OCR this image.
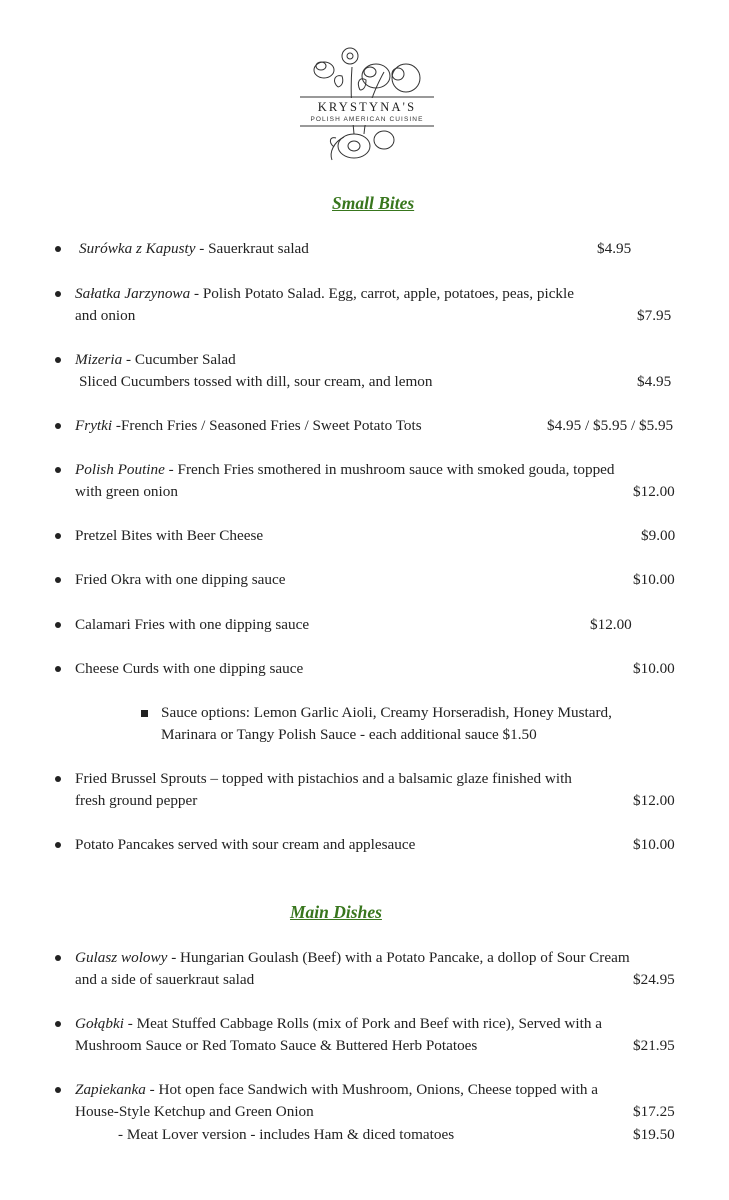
KRYSTYNA'S
POLISH AMERICAN CUISINE
Small Bites
Surówka z Kapusty - Sauerkraut salad	$4.95
Sałatka Jarzynowa - Polish Potato Salad. Egg, carrot, apple, potatoes, peas, pickle
and onion	$7.95
Mizeria - Cucumber Salad
Sliced Cucumbers tossed with dill, sour cream, and lemon	$4.95
Frytki -French Fries / Seasoned Fries / Sweet Potato Tots	$4.95 / $5.95 / $5.95
Polish Poutine - French Fries smothered in mushroom sauce with smoked gouda, topped
with green onion	$12.00
Pretzel Bites with Beer Cheese	$9.00
Fried Okra with one dipping sauce	$10.00
Calamari Fries with one dipping sauce	$12.00
Cheese Curds with one dipping sauce	$10.00
Sauce options: Lemon Garlic Aioli, Creamy Horseradish, Honey Mustard,
Marinara or Tangy Polish Sauce - each additional sauce $1.50
Fried Brussel Sprouts – topped with pistachios and a balsamic glaze finished with
fresh ground pepper	$12.00
Potato Pancakes served with sour cream and applesauce	$10.00
Main Dishes
Gulasz wolowy - Hungarian Goulash (Beef) with a Potato Pancake, a dollop of Sour Cream
and a side of sauerkraut salad	$24.95
Gołąbki - Meat Stuffed Cabbage Rolls (mix of Pork and Beef with rice), Served with a
Mushroom Sauce or Red Tomato Sauce & Buttered Herb Potatoes	$21.95
Zapiekanka - Hot open face Sandwich with Mushroom, Onions, Cheese topped with a
House-Style Ketchup and Green Onion	$17.25
- Meat Lover version - includes Ham & diced tomatoes	$19.50
